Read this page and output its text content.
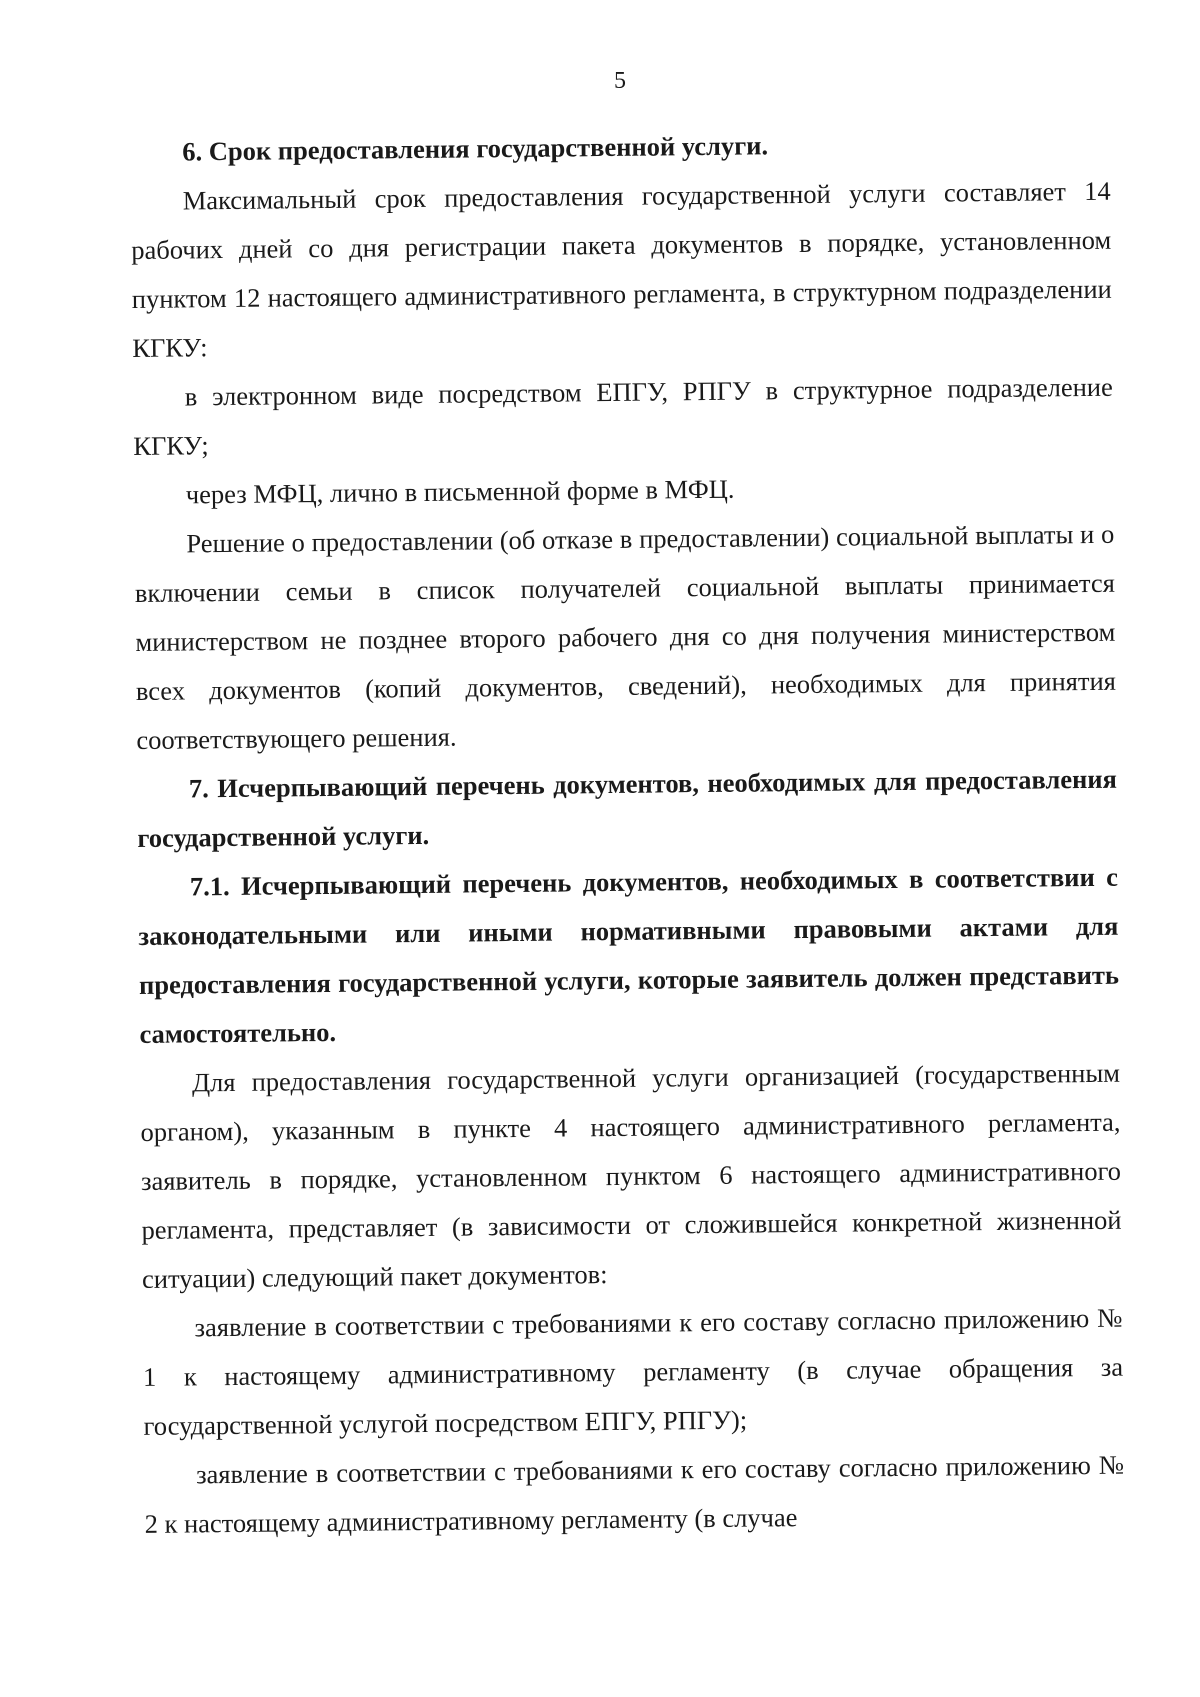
5

6. Срок предоставления государственной услуги.

Максимальный срок предоставления государственной услуги составляет 14 рабочих дней со дня регистрации пакета документов в порядке, установленном пунктом 12 настоящего административного регламента, в структурном подразделении КГКУ:

в электронном виде посредством ЕПГУ, РПГУ в структурное подразделение КГКУ;

через МФЦ, лично в письменной форме в МФЦ.

Решение о предоставлении (об отказе в предоставлении) социальной выплаты и о включении семьи в список получателей социальной выплаты принимается министерством не позднее второго рабочего дня со дня получения министерством всех документов (копий документов, сведений), необходимых для принятия соответствующего решения.

7. Исчерпывающий перечень документов, необходимых для предоставления государственной услуги.

7.1. Исчерпывающий перечень документов, необходимых в соответствии с законодательными или иными нормативными правовыми актами для предоставления государственной услуги, которые заявитель должен представить самостоятельно.

Для предоставления государственной услуги организацией (государственным органом), указанным в пункте 4 настоящего административного регламента, заявитель в порядке, установленном пунктом 6 настоящего административного регламента, представляет (в зависимости от сложившейся конкретной жизненной ситуации) следующий пакет документов:

заявление в соответствии с требованиями к его составу согласно приложению № 1 к настоящему административному регламенту (в случае обращения за государственной услугой посредством ЕПГУ, РПГУ);

заявление в соответствии с требованиями к его составу согласно приложению № 2 к настоящему административному регламенту (в случае
